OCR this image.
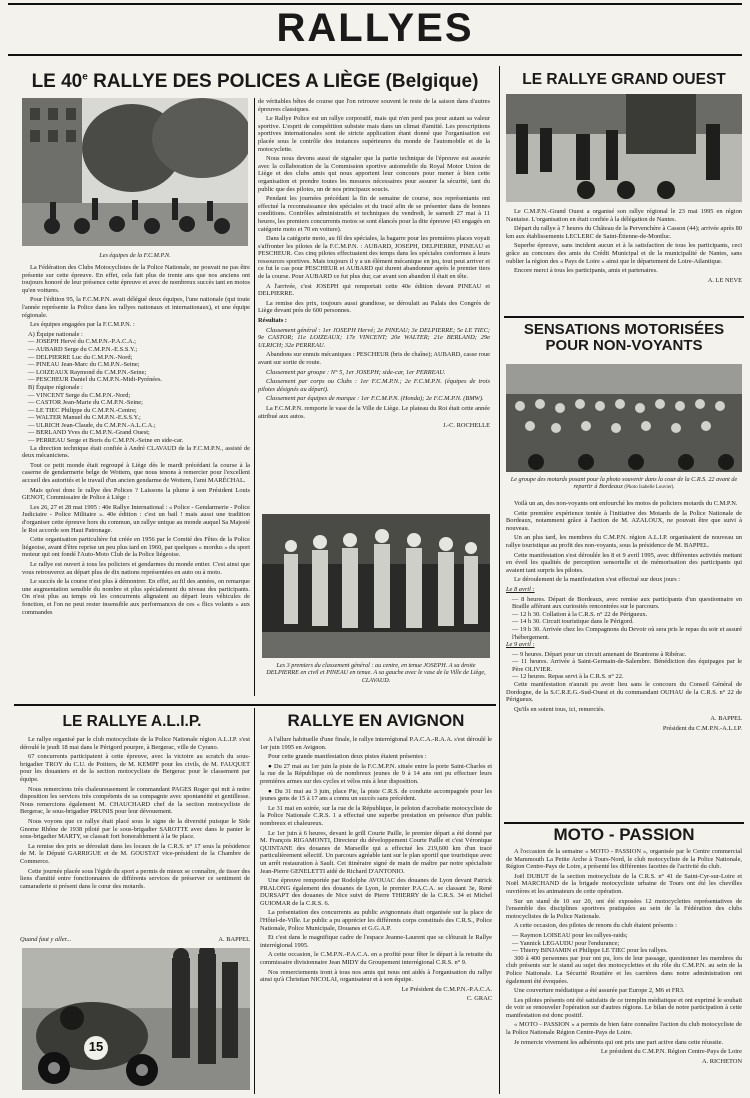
RALLYES
LE 40e RALLYE DES POLICES A LIÈGE (Belgique)
Les équipes de la F.C.M.P.N.

La Fédération des Clubs Motocyclistes de la Police Nationale, ne pouvait ne pas être présente sur cette épreuve. En effet, cela fait plus de trente ans que nos anciens ont toujours honoré de leur présence cette épreuve et avec de nombreux succès tant en motos qu'en voitures.

Pour l'édition 95, la F.C.M.P.N. avait délégué deux équipes, l'une nationale (qui toute l'année représente la Police dans les rallyes nationaux et internationaux), et une équipe régionale.

Les équipes engagées par la F.C.M.P.N. :

A) Équipe nationale :

— JOSEPH Hervé du C.M.P.N.-P.A.C.A.;

— AUBARD Serge du C.M.P.N.-E.S.S.Y.;

— DELPIERRE Luc du C.M.P.N.-Nord;

— PINEAU Jean-Marc du C.M.P.N.-Seine;

— LOIZEAUX Raymond du C.M.P.N.-Seine;

— PESCHEUR Daniel du C.M.P.N.-Midi-Pyrénées.

B) Équipe régionale :

— VINCENT Serge du C.M.P.N.-Nord;

— CASTOR Jean-Marie du C.M.P.N.-Seine;

— LE TIEC Philippe du C.M.P.N.-Centre;

— WALTER Manuel du C.M.P.N.-E.S.S.Y.;

— ULRICH Jean-Claude, du C.M.P.N.-A.L.C.A.;

— BERLAND Yves du C.M.P.N.-Grand Ouest;

— PERREAU Serge et Boris du C.M.P.N.-Seine en side-car.

La direction technique était confiée à André CLAVAUD de la F.C.M.P.N., assisté de deux mécaniciens.

Tout ce petit monde était regroupé à Liège dès le mardi précédant la course à la caserne de gendarmerie belge de Wottem, que nous tenons à remercier pour l'excellent accueil des autorités et le travail d'un ancien gendarme de Wottem, l'ami MARÉCHAL.

Mais qu'est donc le rallye des Polices ? Laissons la plume à son Président Louis GENOT, Commissaire de Police à Liège :

Les 26, 27 et 28 mai 1995 : 40e Rallye International : « Police - Gendarmerie - Police Judiciaire - Police Militaire ». 40e édition : c'est un bail ! mais aussi une tradition d'organiser cette épreuve hors du commun, un rallye unique au monde auquel Sa Majesté le Roi accorde son Haut Patronage.

Cette organisation particulière fut créée en 1956 par le Comité des Fêtes de la Police liégeoise, avant d'être reprise un peu plus tard en 1960, par quelques « mordus » du sport moteur qui ont fondé l'Auto-Moto Club de la Police liégeoise.

Le rallye est ouvert à tous les policiers et gendarmes du monde entier. C'est ainsi que vous retrouverez au départ plus de dix nations représentées en auto ou à moto.

Le succès de la course n'est plus à démontrer. En effet, au fil des années, on remarque une augmentation sensible du nombre et plus spécialement du niveau des participants. On n'est plus au temps où les concurrents alignaient au départ leurs véhicules de fonction, et l'on ne peut rester insensible aux performances de ces « flics volants » aux commandes

de véritables bêtes de course que l'on retrouve souvent le reste de la saison dans d'autres épreuves classiques.

Le Rallye Police est un rallye corporatif, mais qui n'en perd pas pour autant sa valeur sportive. L'esprit de compétition subsiste mais dans un climat d'amitié. Les prescriptions sportives internationales sont de stricte application étant donné que l'organisation est placée sous le contrôle des instances supérieures du monde de l'automobile et de la motocyclette.

Nous nous devons aussi de signaler que la partie technique de l'épreuve est assurée avec la collaboration de la Commission sportive automobile du Royal Motor Union de Liège et des clubs amis qui nous apportent leur concours pour mener à bien cette organisation et prendre toutes les mesures nécessaires pour assurer la sécurité, tant du public que des pilotes, un de nos principaux soucis.

Pendant les journées précédant la fin de semaine de course, nos représentants ont effectué la reconnaissance des spéciales et du tracé afin de se présenter dans de bonnes conditions. Contrôles administratifs et techniques du vendredi, le samedi 27 mai à 11 heures, les premiers concurrents motos se sont élancés pour la dite épreuve (43 engagés en catégorie moto et 70 en voiture).

Dans la catégorie moto, au fil des spéciales, la bagarre pour les premières places voyait s'affronter les pilotes de la F.C.M.P.N. : AUBARD, JOSEPH, DELPIERRE, PINEAU et PESCHEUR. Ces cinq pilotes effectuaient des temps dans les spéciales conformes à leurs ressources sportives. Mais toujours il y a un élément mécanique en jeu, tout peut arriver et ce fut le cas pour PESCHEUR et AUBARD qui durent abandonner après le premier tiers de la course. Pour AUBARD ce fut plus dur, car avant son abandon il était en tête.

A l'arrivée, c'est JOSEPH qui remportait cette 40e édition devant PINEAU et DELPIERRE.

La remise des prix, toujours aussi grandiose, se déroulait au Palais des Congrès de Liège devant près de 600 personnes.

Résultats :

Classement général : 1er JOSEPH Hervé; 2e PINEAU; 3e DELPIERRE; 5e LE TIEC; 9e CASTOR; 11e LOIZEAUX; 17e VINCENT; 20e WALTER; 21e BERLAND; 29e ULRICH; 32e PERREAU.

Abandons sur ennuis mécaniques : PESCHEUR (bris de chaîne); AUBARD, casse roue avant sur sortie de route.

Classement par groupe : N° 5, 1er JOSEPH; side-car, 1er PERREAU.

Classement par corps ou Clubs : 1er F.C.M.P.N.; 2e F.C.M.P.N. (équipes de trois pilotes désignés au départ).

Classement par équipes de marque : 1er F.C.M.P.N. (Honda); 2e F.C.M.P.N. (BMW).

La F.C.M.P.N. remporte le vase de la Ville de Liège. Le plateau du Roi était cette année attribué aux autos.

J.-C. ROCHELLE

Les 3 premiers du classement général : au centre, en tenue JOSEPH. A sa droite DELPIERRE en civil et PINEAU en tenue. A sa gauche avec le vase de la Ville de Liège, CLAVAUD.
LE RALLYE GRAND OUEST

Le C.M.P.N.-Grand Ouest a organisé son rallye régional le 23 mai 1995 en région Nantaise. L'organisation en était confiée à la délégation de Nantes.

Départ du rallye à 7 heures du Château de la Pervenchère à Casson (44); arrivée après 80 km aux établissements LECLERC de Saint-Étienne-de-Montluc.

Superbe épreuve, sans incident aucun et à la satisfaction de tous les participants, ceci grâce au concours des amis du Crédit Municipal et de la municipalité de Nantes, sans oublier la région des « Pays de Loire » ainsi que le département de Loire-Atlantique.

Encore merci à tous les participants, amis et partenaires.

A. LE NEVE

SENSATIONS MOTORISÉES
POUR NON-VOYANTS
Le groupe des motards posant pour la photo souvenir dans la cour de la C.R.S. 22 avant de repartir à Bordeaux (Photo Isabelle Louvier).

Voilà un an, des non-voyants ont enfourché les motos de policiers motards du C.M.P.N.

Cette première expérience tentée à l'initiative des Motards de la Police Nationale de Bordeaux, notamment grâce à l'action de M. AZALOUX, ne pouvait être que suivi à nouveau.

Un an plus tard, les membres du C.M.P.N. région A.L.I.P. organisaient de nouveau un rallye touristique au profit des non-voyants, sous la présidence de M. BAPPEL.

Cette manifestation s'est déroulée les 8 et 9 avril 1995, avec différentes activités mettant en éveil les qualités de perception sensorielle et de mémorisation des participants qui avaient tant surpris les pilotes.

Le déroulement de la manifestation s'est effectué sur deux jours :

Le 8 avril :

— 8 heures. Départ de Bordeaux, avec remise aux participants d'un questionnaire en Braille afférant aux curiosités rencontrées sur le parcours.

— 12 h 30. Collation à la C.R.S. n° 22 de Périgueux.

— 14 h 30. Circuit touristique dans le Périgord.

— 19 h 30. Arrivée chez les Compagnons du Devoir où sera pris le repas du soir et assuré l'hébergement.

Le 9 avril :

— 9 heures. Départ pour un circuit amenant de Brantome à Ribérac.

— 11 heures. Arrivée à Saint-Germain-de-Salembre. Bénédiction des équipages par le Père OLIVIER.

— 12 heures. Repas servi à la C.R.S. n° 22.

Cette manifestation n'aurait pu avoir lieu sans le concours du Conseil Général de Dordogne, de la S.C.R.E.G.-Sud-Ouest et du commandant OUHAU de la C.R.S. n° 22 de Périgueux.

Qu'ils en soient tous, ici, remerciés.

A. BAPPEL

Président du C.M.P.N.-A.L.I.P.

MOTO - PASSION

A l'occasion de la semaine « MOTO - PASSION », organisée par le Centre commercial de Mammouth La Petite Arche à Tours-Nord, le club motocycliste de la Police Nationale, Région Centre-Pays de Loire, a présenté les différentes facettes de l'activité du club.

Joël DUBUT de la section motocycliste de la C.R.S. n° 41 de Saint-Cyr-sur-Loire et Noël MARCHAND de la brigade motocycliste urbaine de Tours ont été les chevilles ouvrières et les animateurs de cette opération.

Sur un stand de 10 sur 20, ont été exposées 12 motocyclettes représentatives de l'ensemble des disciplines sportives pratiquées au sein de la Fédération des clubs motocyclistes de la Police Nationale.

A cette occasion, des pilotes de renom du club étaient présents :

— Raymon LOISEAU pour les rallyes-raids;

— Yannick LEGAUDU pour l'endurance;

— Thierry BINJAMIN et Philippe LE TIEC pour les rallyes.

300 à 400 personnes par jour ont pu, lors de leur passage, questionner les membres du club présents sur le stand au sujet des motocyclettes et du rôle du C.M.P.N. au sein de la Police Nationale. La Sécurité Routière et les carrières dans notre administration ont également été évoquées.

Une couverture médiatique a été assurée par Europe 2, M6 et FR3.

Les pilotes présents ont été satisfaits de ce tremplin médiatique et ont exprimé le souhait de voir se renouveler l'opération sur d'autres régions. Le bilan de notre participation à cette manifestation est donc positif.

« MOTO - PASSION » a permis de bien faire connaître l'action du club motocycliste de la Police Nationale Région Centre-Pays de Loire.

Je remercie vivement les adhérents qui ont pris une part active dans cette réussite.

Le président du C.M.P.N. Région Centre-Pays de Loire

A. RICHETON

LE RALLYE A.L.I.P.

Le rallye organisé par le club motocycliste de la Police Nationale région A.L.I.P. s'est déroulé le jeudi 18 mai dans le Périgord pourpre, à Bergerac, ville de Cyrano.

67 concurrents participaient à cette épreuve, avec la victoire au scratch du sous-brigadier TROY du C.U. de Poitiers, de M. KEMPF pour les civils, de M. FAUQUET pour les douaniers et de la section motocycliste de Bergerac pour le classement par équipe.

Nous remercions très chaleureusement le commandant PAGES Roger qui mit à notre disposition les services très compétents de sa compagnie avec spontanéité et gentillesse. Nous remercions également M. CHAUCHARD chef de la section motocycliste de Bergerac, le sous-brigadier PRUNIS pour leur dévouement.

Nous voyons que ce rallye était placé sous le signe de la diversité puisque le Side Gnome Rhône de 1938 piloté par le sous-brigadier SAROTTE avec dans le panier le sous-brigadier MARTY, se classait fort honorablement à la 9e place.

La remise des prix se déroulait dans les locaux de la C.R.S. n° 17 sous la présidence de M. le Député GARRIGUE et de M. GOUSTAT vice-président de la Chambre de Commerce.

Cette journée placée sous l'égide du sport a permis de mieux se connaître, de tisser des liens d'amitié entre fonctionnaires de différents services de préserver ce sentiment de camaraderie si présent dans le cœur des motards.

Quand faut y aller...	A. BAPPEL

15
RALLYE EN AVIGNON

A l'allure habituelle d'une finale, le rallye interrégional P.A.C.A.-R.A.A. s'est déroulé le 1er juin 1995 en Avignon.

Pour cette grande manifestation deux pistes étaient présentes :

● Du 27 mai au 1er juin la piste de la F.C.M.P.N. située entre la porte Saint-Charles et la rue de la République où de nombreux jeunes de 9 à 14 ans ont pu effectuer leurs premières armes sur des cycles et vélos mis à leur disposition.

● Du 31 mai au 3 juin, place Pie, la piste C.R.S. de conduite accompagnée pour les jeunes gens de 15 à 17 ans a connu un succès sans précédent.

Le 31 mai en soirée, sur la rue de la République, le peloton d'acrobatie motocycliste de la Police Nationale C.R.S. 1 a effectué une superbe prestation en présence d'un public nombreux et chaleureux.

Le 1er juin à 6 heures, devant le grill Courte Paille, le premier départ a été donné par M. François RIGAMONTI, Directeur du développement Courte Paille et c'est Véronique QUINTANE des douanes de Marseille qui a effectué les 219,600 km d'un tracé particulièrement sélectif. Un parcours agréable tant sur le plan sportif que touristique avec un arrêt restauration à Sault. Cet itinéraire signé de main de maître par notre spécialiste Jean-Pierre GENELETTI aidé de Richard D'ANTONIO.

Une épreuve remportée par Rodolphe AVOUAC des douanes de Lyon devant Patrick PRALONG également des douanes de Lyon, le premier P.A.C.A. se classant 3e, René DURSAPT des douanes de Nice suivi de Pierre THIERRY de la C.R.S. 34 et Michel GUIOMAR de la C.R.S. 6.

La présentation des concurrents au public avignonnais était organisée sur la place de l'Hôtel-de-Ville. Le public a pu apprécier les différents corps constitués des C.R.S., Police Nationale, Police Municipale, Douanes et G.G.A.P.

Et c'est dans le magnifique cadre de l'espace Jeanne-Laurent que se clôturait le Rallye interrégional 1995.

A cette occasion, le C.M.P.N.-P.A.C.A. en a profité pour fêter le départ à la retraite du commissaire divisionnaire Jean MIDY du Groupement interrégional C.R.S. n° 9.

Nos remerciements iront à tous nos amis qui nous ont aidés à l'organisation du rallye ainsi qu'à Christian NICOLAI, organisateur et à son équipe.

Le Président du C.M.P.N.-P.A.C.A.

C. GRAC
